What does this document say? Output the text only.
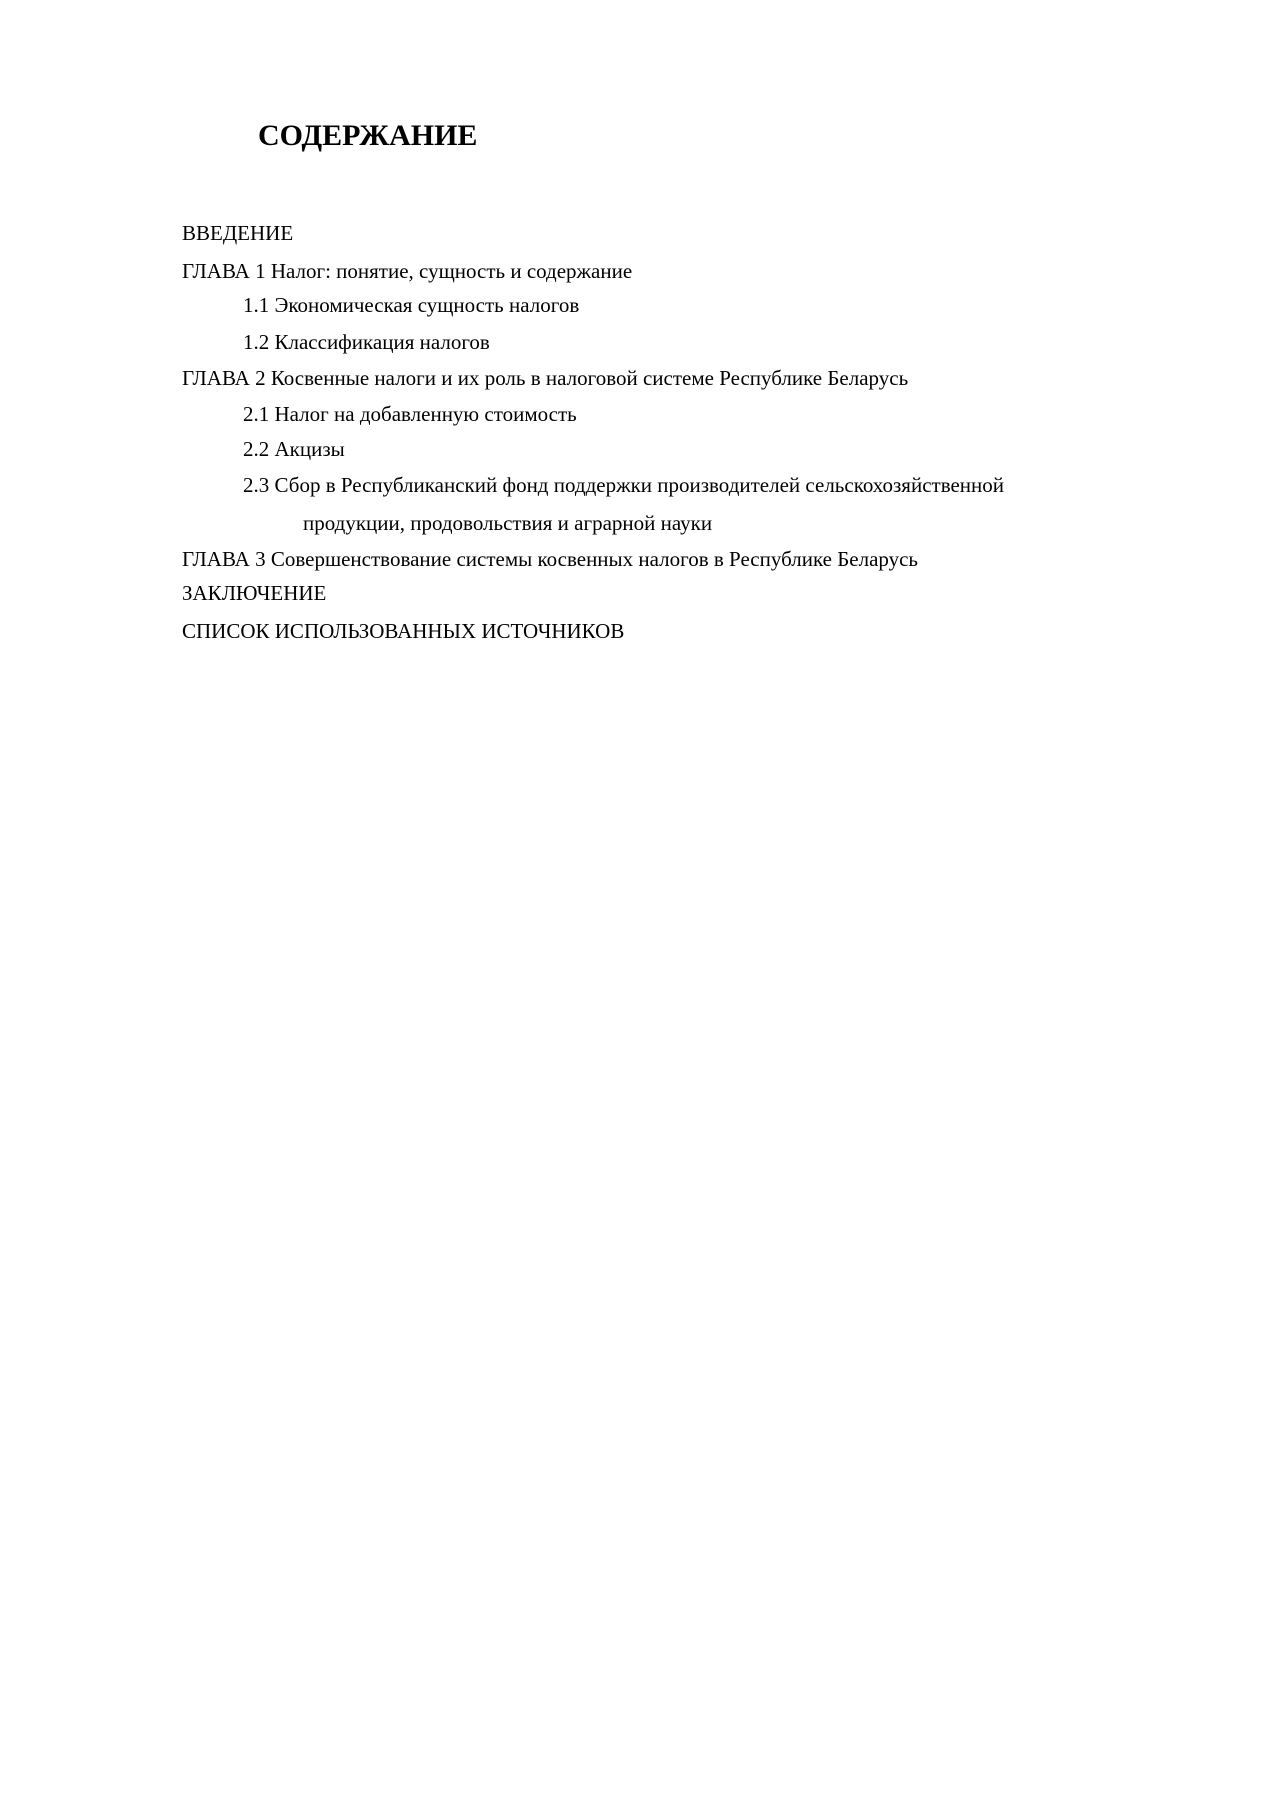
СОДЕРЖАНИЕ

ВВЕДЕНИЕ

ГЛАВА 1 Налог: понятие, сущность и содержание

1.1 Экономическая сущность налогов

1.2 Классификация налогов

ГЛАВА 2 Косвенные налоги и их роль в налоговой системе Республике Беларусь

2.1 Налог на добавленную стоимость

2.2 Акцизы

2.3 Сбор в Республиканский фонд поддержки производителей сельскохозяйственной

продукции, продовольствия и аграрной науки

ГЛАВА 3 Совершенствование системы косвенных налогов в Республике Беларусь

ЗАКЛЮЧЕНИЕ

СПИСОК ИСПОЛЬЗОВАННЫХ ИСТОЧНИКОВ
